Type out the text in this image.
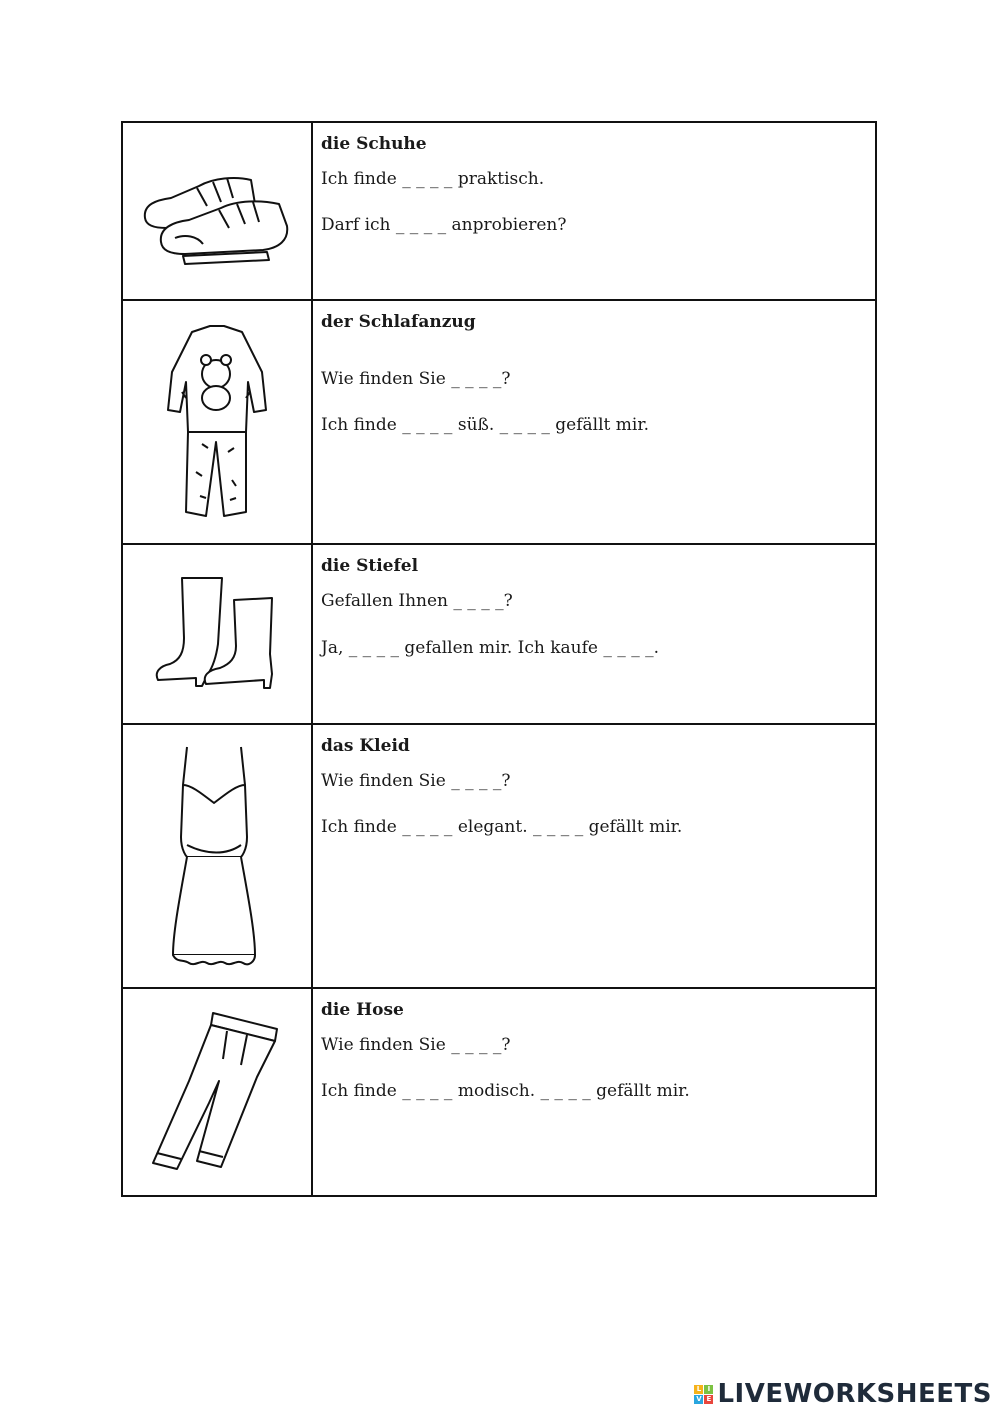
die Schuhe

Ich finde _ _ _ _ praktisch.

Darf ich _ _ _ _ anprobieren?

der Schlafanzug

Wie finden Sie _ _ _ _?

Ich finde _ _ _ _ süß. _ _ _ _ gefällt mir.

die Stiefel

Gefallen Ihnen _ _ _ _?

Ja, _ _ _ _ gefallen mir. Ich kaufe _ _ _ _.

das Kleid

Wie finden Sie _ _ _ _?

Ich finde _ _ _ _ elegant. _ _ _ _ gefällt mir.

die Hose

Wie finden Sie _ _ _ _?

Ich finde _ _ _ _ modisch. _ _ _ _ gefällt mir.

L I
V E LIVEWORKSHEETS
